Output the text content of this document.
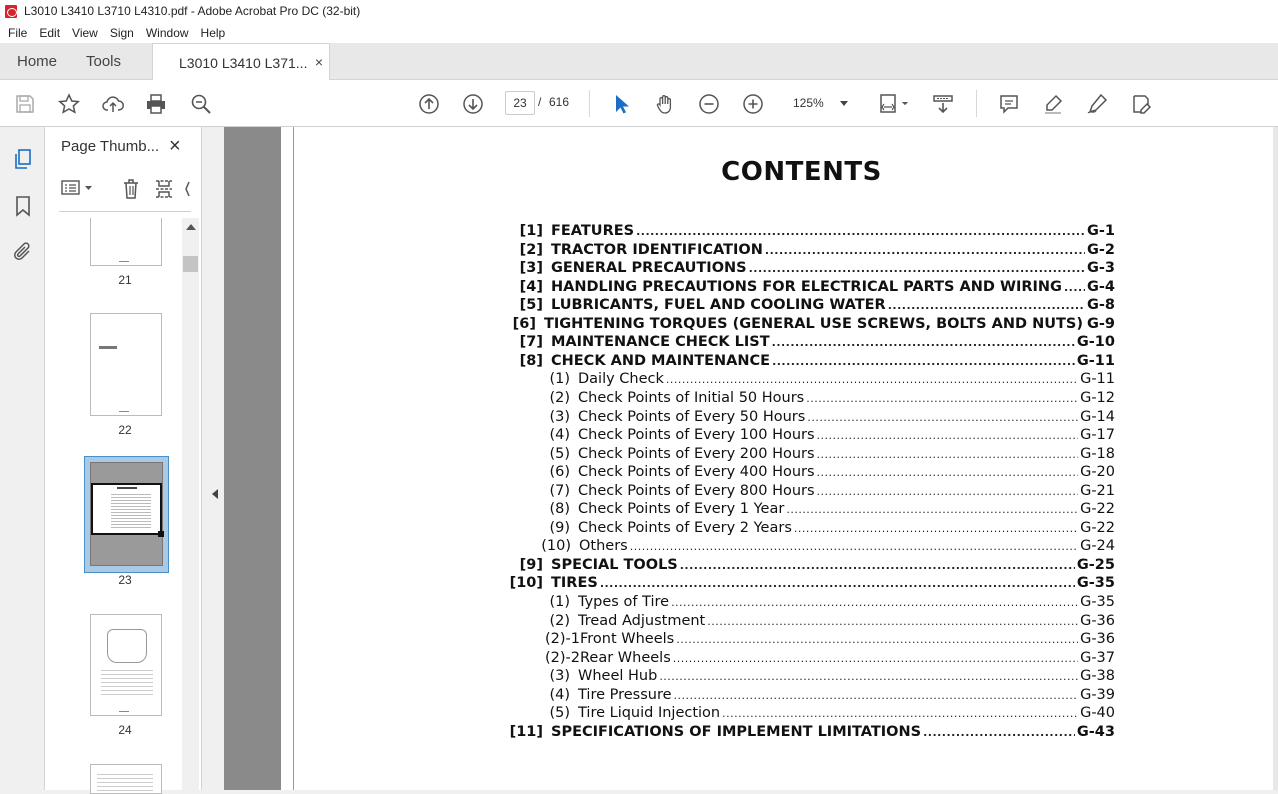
L3010 L3410 L3710 L4310.pdf - Adobe Acrobat Pro DC (32-bit)
File	Edit	View	Sign	Window	Help
Home	Tools	L3010 L3410 L371... ×
23 / 616	125%
Page Thumb... ×
21
22
23
24
CONTENTS
[1] FEATURES .....	G-1
[2] TRACTOR IDENTIFICATION .....	G-2
[3] GENERAL PRECAUTIONS .....	G-3
[4] HANDLING PRECAUTIONS FOR ELECTRICAL PARTS AND WIRING ..... G-4
[5] LUBRICANTS, FUEL AND COOLING WATER .....	G-8
[6] TIGHTENING TORQUES (GENERAL USE SCREWS, BOLTS AND NUTS) G-9
[7] MAINTENANCE CHECK LIST .....	G-10
[8] CHECK AND MAINTENANCE .....	G-11
(1) Daily Check .....	G-11
(2) Check Points of Initial 50 Hours .....	G-12
(3) Check Points of Every 50 Hours .....	G-14
(4) Check Points of Every 100 Hours .....	G-17
(5) Check Points of Every 200 Hours .....	G-18
(6) Check Points of Every 400 Hours .....	G-20
(7) Check Points of Every 800 Hours .....	G-21
(8) Check Points of Every 1 Year .....	G-22
(9) Check Points of Every 2 Years .....	G-22
(10) Others .....	G-24
[9] SPECIAL TOOLS .....	G-25
[10] TIRES .....	G-35
(1) Types of Tire .....	G-35
(2) Tread Adjustment .....	G-36
(2)-1 Front Wheels .....	G-36
(2)-2 Rear Wheels .....	G-37
(3) Wheel Hub .....	G-38
(4) Tire Pressure .....	G-39
(5) Tire Liquid Injection .....	G-40
[11] SPECIFICATIONS OF IMPLEMENT LIMITATIONS .....	G-43
